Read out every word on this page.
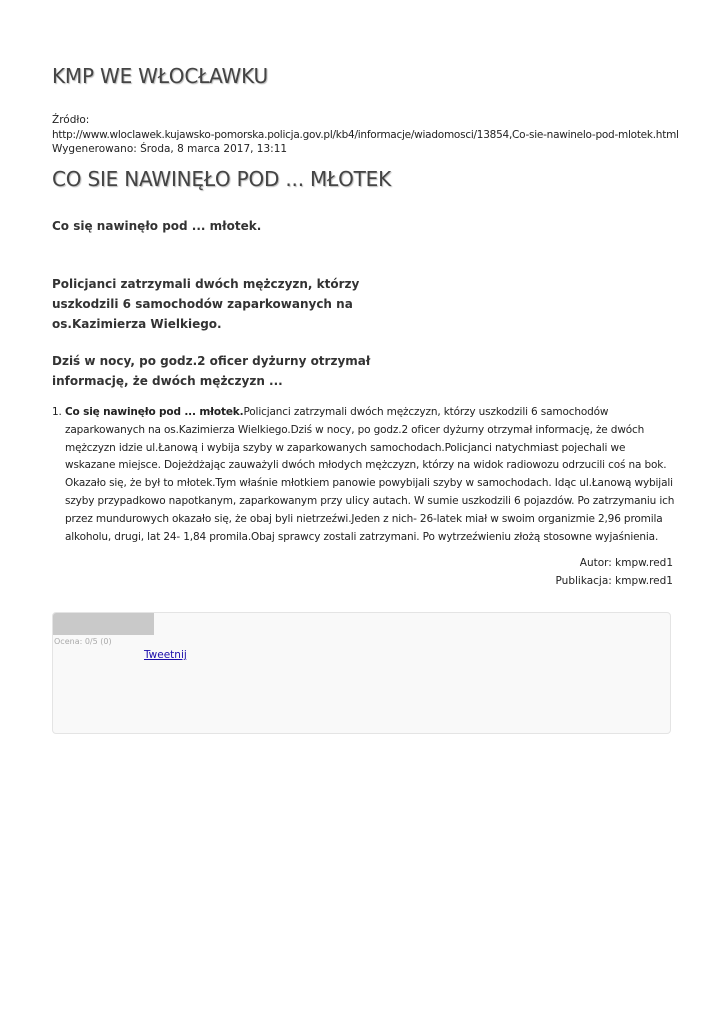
KMP WE WŁOCŁAWKU
Źródło:
http://www.wloclawek.kujawsko-pomorska.policja.gov.pl/kb4/informacje/wiadomosci/13854,Co-sie-nawinelo-pod-mlotek.html
Wygenerowano: Środa, 8 marca 2017, 13:11
CO SIE NAWINĘŁO POD ... MŁOTEK

Co się nawinęło pod ... młotek.

Policjanci zatrzymali dwóch mężczyzn, którzy uszkodzili 6 samochodów zaparkowanych na os.Kazimierza Wielkiego.

Dziś w nocy, po godz.2 oficer dyżurny otrzymał informację, że dwóch mężczyzn ...

1. Co się nawinęło pod ... młotek.Policjanci zatrzymali dwóch mężczyzn, którzy uszkodzili 6 samochodów zaparkowanych na os.Kazimierza Wielkiego.Dziś w nocy, po godz.2 oficer dyżurny otrzymał informację, że dwóch mężczyzn idzie ul.Łanową i wybija szyby w zaparkowanych samochodach.Policjanci natychmiast pojechali we wskazane miejsce. Dojeżdżając zauważyli dwóch młodych mężczyzn, którzy na widok radiowozu odrzucili coś na bok. Okazało się, że był to młotek.Tym właśnie młotkiem panowie powybijali szyby w samochodach. Idąc ul.Łanową wybijali szyby przypadkowo napotkanym, zaparkowanym przy ulicy autach. W sumie uszkodzili 6 pojazdów. Po zatrzymaniu ich przez mundurowych okazało się, że obaj byli nietrzeźwi.Jeden z nich- 26-latek miał w swoim organizmie 2,96 promila alkoholu, drugi, lat 24- 1,84 promila.Obaj sprawcy zostali zatrzymani. Po wytrzeźwieniu złożą stosowne wyjaśnienia.
Autor: kmpw.red1
Publikacja: kmpw.red1
Ocena: 0/5 (0)
Tweetnij
